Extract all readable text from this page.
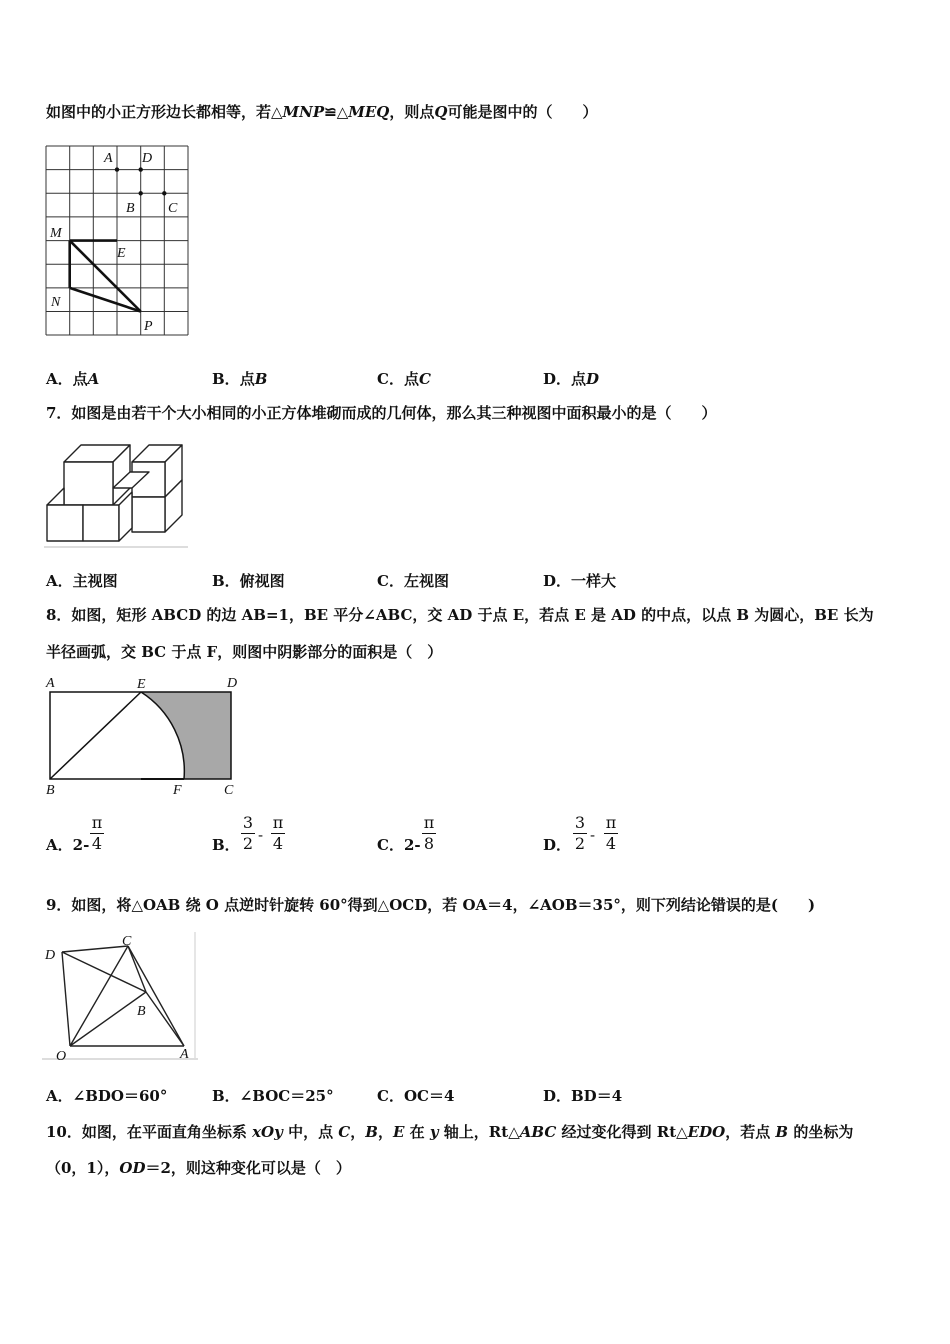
如图中的小正方形边长都相等，若△MNP≌△MEQ，则点Q可能是图中的（　　）
A D
B C
M
E
N
P
A．点A	B．点B	C．点C	D．点D
7．如图是由若干个大小相同的小正方体堆砌而成的几何体，那么其三种视图中面积最小的是（　　）
A．主视图	B．俯视图	C．左视图	D．一样大
8．如图，矩形 ABCD 的边 AB=1，BE 平分∠ABC，交 AD 于点 E，若点 E 是 AD 的中点，以点 B 为圆心，BE 长为
半径画弧，交 BC 于点 F，则图中阴影部分的面积是（　）
A	E	D
B	F	C
A．2-
π
4	B．
3
2 -
π
4	C．2-
π
8	D．
3
2 -
π
4
9．如图，将△OAB 绕 O 点逆时针旋转 60°得到△OCD，若 OA＝4，∠AOB＝35°，则下列结论错误的是(　　)
D
C
B
O	A
A．∠BDO＝60°	B．∠BOC＝25°	C．OC＝4	D．BD＝4
10．如图，在平面直角坐标系 xOy 中，点 C，B，E 在 y 轴上，Rt△ABC 经过变化得到 Rt△EDO，若点 B 的坐标为
（0，1），OD＝2，则这种变化可以是（　）
